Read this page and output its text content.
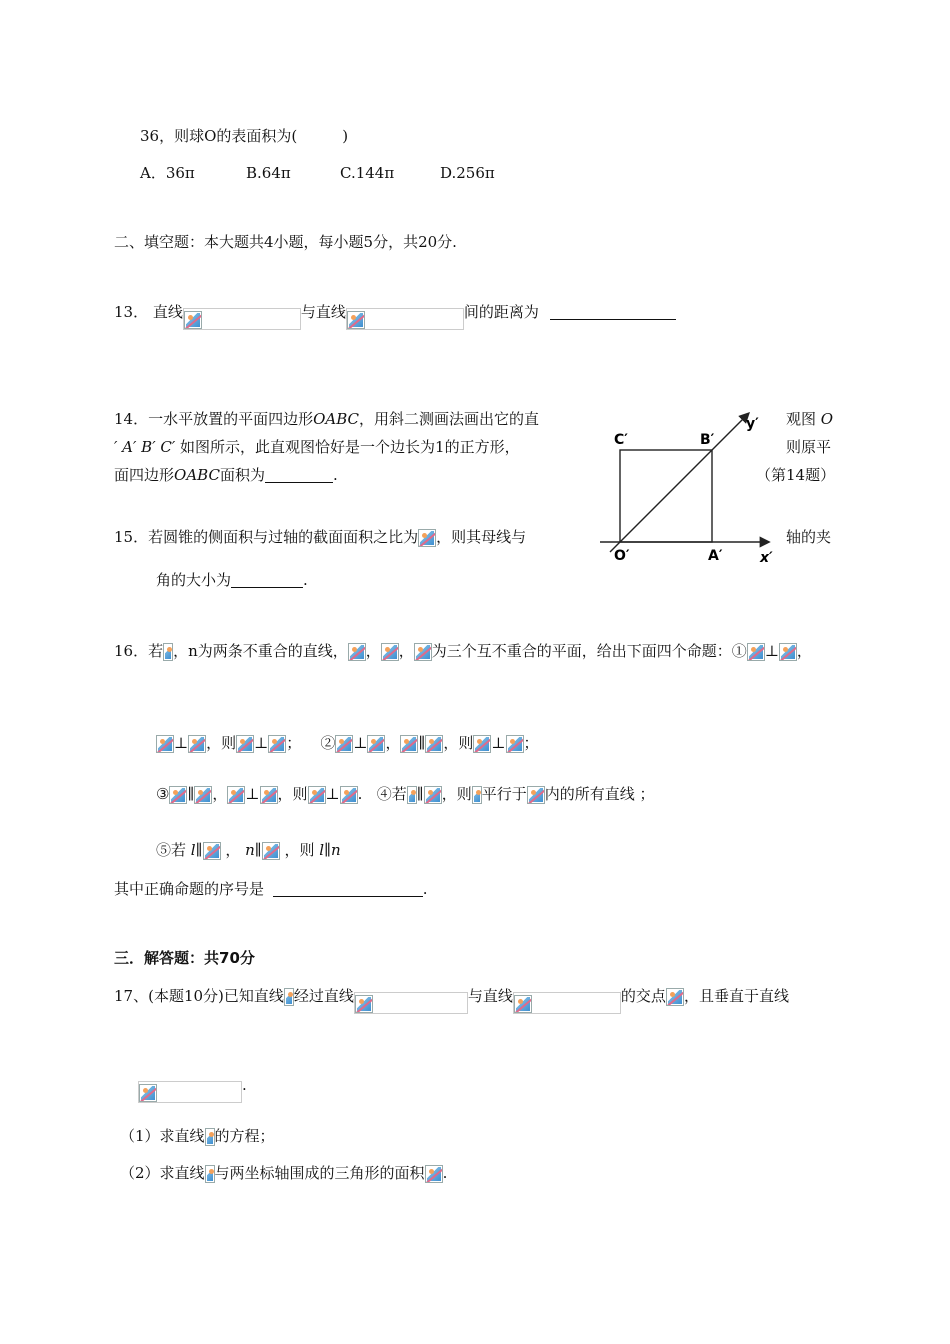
36，则球O的表面积为(　　　)
A．36π	B.64π	C.144π	D.256π
二、填空题：本大题共4小题，每小题5分，共20分.
13． 直线	与直线	间的距离为
14．一水平放置的平面四边形OABC，用斜二测画法画出它的直	观图 O
′ A′ B′ C′ 如图所示，此直观图恰好是一个边长为1的正方形，	则原平
面四边形OABC面积为	.	（第14题）
C′	B′
y′
O′	A′	x′
15．若圆锥的侧面积与过轴的截面面积之比为 ，则其母线与	轴的夹
角的大小为	.
16．若 ，n为两条不重合的直线， ， ， 为三个互不重合的平面，给出下面四个命题：① ⊥ ，
⊥ ，则 ⊥ ； ② ⊥ ， ∥ ，则 ⊥ ；
③ ∥ ， ⊥ ，则 ⊥ . ④若 ∥ ，则 平行于 内的所有直线 ；
⑤若 l∥ ， n∥ ，则 l∥n
其中正确命题的序号是	.
三．解答题：共70分
17、(本题10分)已知直线 经过直线	与直线	的交点 ，且垂直于直线
.
（1）求直线 的方程；
（2）求直线 与两坐标轴围成的三角形的面积 .
